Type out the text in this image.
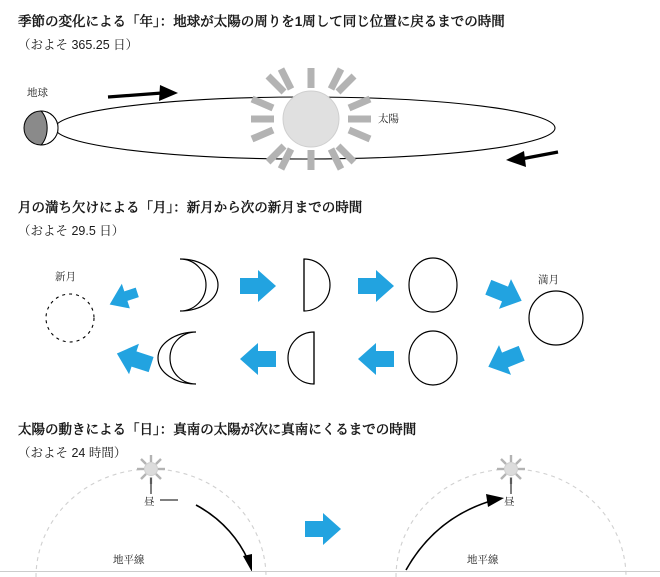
季節の変化による「年」：地球が太陽の周りを1周して同じ位置に戻るまでの時間
（およそ 365.25 日）
地球
太陽
月の満ち欠けによる「月」：新月から次の新月までの時間
（およそ 29.5 日）
新月	満月
太陽の動きによる「日」：真南の太陽が次に真南にくるまでの時間
（およそ 24 時間）
昼
地平線
昼
地平線
